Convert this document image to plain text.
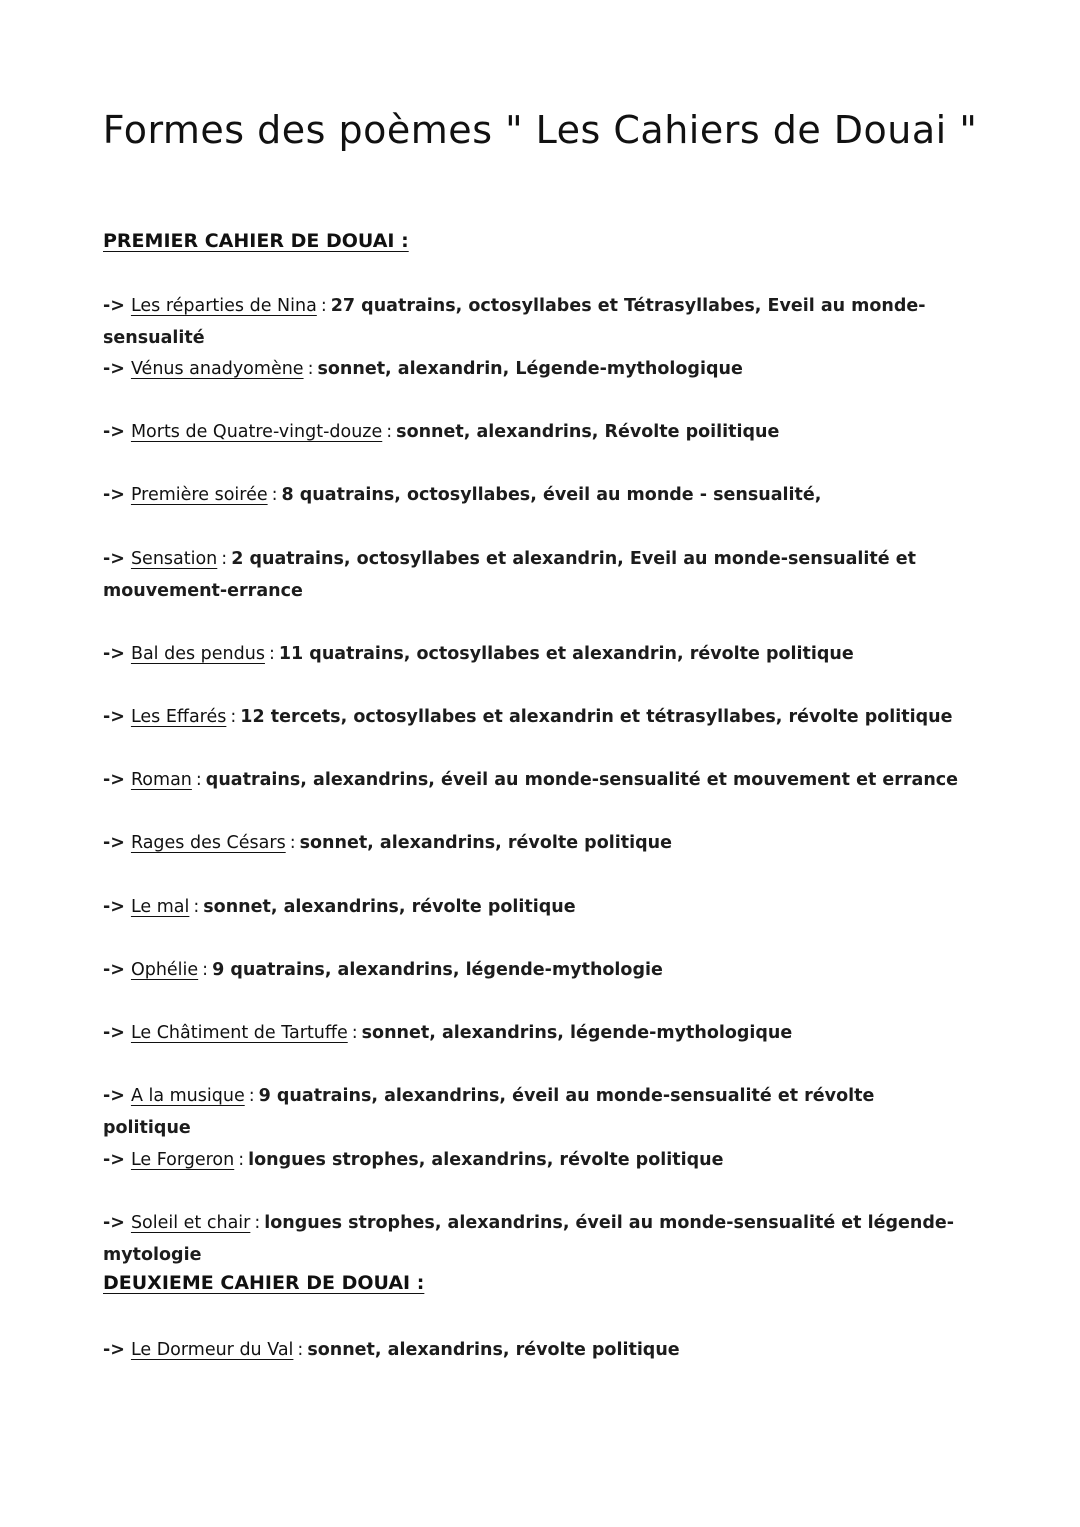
Formes des poèmes " Les Cahiers de Douai "
PREMIER CAHIER DE DOUAI :
-> Les réparties de Nina : 27 quatrains, octosyllabes et Tétrasyllabes, Eveil au monde-sensualité
-> Vénus anadyomène : sonnet, alexandrin, Légende-mythologique
-> Morts de Quatre-vingt-douze : sonnet, alexandrins, Révolte poilitique
-> Première soirée : 8 quatrains, octosyllabes, éveil au monde - sensualité,
-> Sensation : 2 quatrains, octosyllabes et alexandrin, Eveil au monde-sensualité et mouvement-errance
-> Bal des pendus : 11 quatrains, octosyllabes et alexandrin, révolte politique
-> Les Effarés : 12 tercets, octosyllabes et alexandrin et tétrasyllabes, révolte politique
-> Roman : quatrains, alexandrins, éveil au monde-sensualité et mouvement et errance
-> Rages des Césars : sonnet, alexandrins, révolte politique
-> Le mal : sonnet, alexandrins, révolte politique
-> Ophélie : 9 quatrains, alexandrins, légende-mythologie
-> Le Châtiment de Tartuffe : sonnet, alexandrins, légende-mythologique
-> A la musique : 9 quatrains, alexandrins, éveil au monde-sensualité et révolte politique
-> Le Forgeron : longues strophes, alexandrins, révolte politique
-> Soleil et chair : longues strophes, alexandrins, éveil au monde-sensualité et légende-mytologie
DEUXIEME CAHIER DE DOUAI :
-> Le Dormeur du Val : sonnet, alexandrins, révolte politique
